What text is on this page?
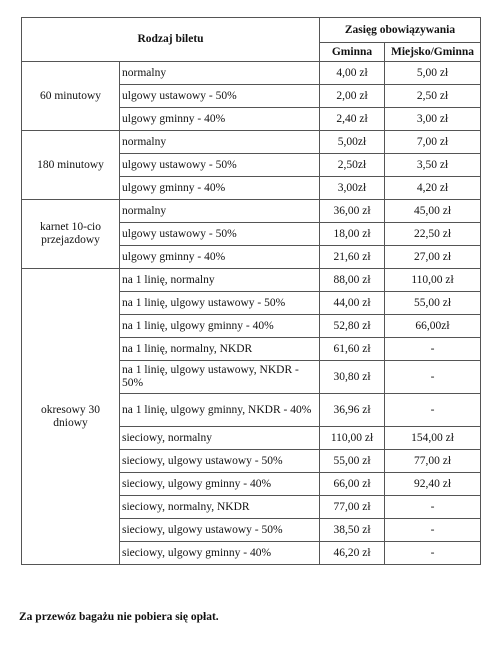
Rodzaj biletu		Zasięg obowiązywania	
		Gminna	Miejsko/Gminna
60 minutowy	normalny	4,00 zł	5,00 zł
	ulgowy ustawowy - 50%	2,00 zł	2,50 zł
	ulgowy gminny - 40%	2,40 zł	3,00 zł
180 minutowy	normalny	5,00zł	7,00 zł
	ulgowy ustawowy - 50%	2,50zł	3,50 zł
	ulgowy gminny - 40%	3,00zł	4,20 zł
karnet 10-cio przejazdowy	normalny	36,00 zł	45,00 zł
	ulgowy ustawowy - 50%	18,00 zł	22,50 zł
	ulgowy gminny - 40%	21,60 zł	27,00 zł
okresowy 30 dniowy	na 1 linię, normalny	88,00 zł	110,00 zł
	na 1 linię, ulgowy ustawowy - 50%	44,00 zł	55,00 zł
	na 1 linię, ulgowy gminny - 40%	52,80 zł	66,00zł
	na 1 linię, normalny, NKDR	61,60 zł	-
	na 1 linię, ulgowy ustawowy, NKDR - 50%	30,80 zł	-
	na 1 linię, ulgowy gminny, NKDR - 40%	36,96 zł	-
	sieciowy, normalny	110,00 zł	154,00 zł
	sieciowy, ulgowy ustawowy - 50%	55,00 zł	77,00 zł
	sieciowy, ulgowy gminny - 40%	66,00 zł	92,40 zł
	sieciowy, normalny, NKDR	77,00 zł	-
	sieciowy, ulgowy ustawowy - 50%	38,50 zł	-
	sieciowy, ulgowy gminny - 40%	46,20 zł	-
Za przewóz bagażu nie pobiera się opłat.
